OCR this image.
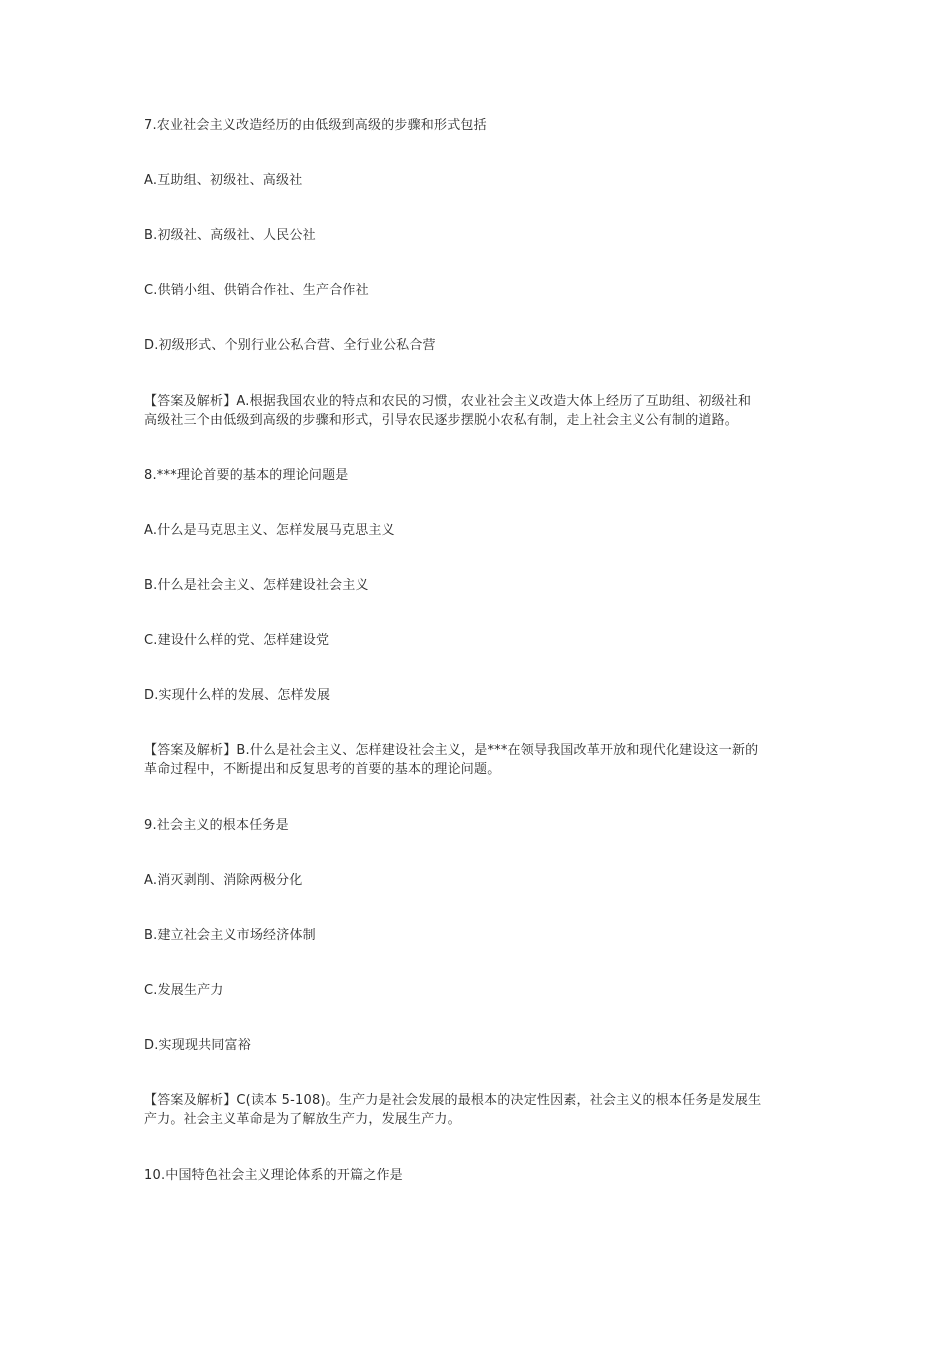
7.农业社会主义改造经历的由低级到高级的步骤和形式包括
A.互助组、初级社、高级社
B.初级社、高级社、人民公社
C.供销小组、供销合作社、生产合作社
D.初级形式、个别行业公私合营、全行业公私合营
【答案及解析】A.根据我国农业的特点和农民的习惯，农业社会主义改造大体上经历了互助组、初级社和
高级社三个由低级到高级的步骤和形式，引导农民逐步摆脱小农私有制，走上社会主义公有制的道路。
8.***理论首要的基本的理论问题是
A.什么是马克思主义、怎样发展马克思主义
B.什么是社会主义、怎样建设社会主义
C.建设什么样的党、怎样建设党
D.实现什么样的发展、怎样发展
【答案及解析】B.什么是社会主义、怎样建设社会主义，是***在领导我国改革开放和现代化建设这一新的
革命过程中，不断提出和反复思考的首要的基本的理论问题。
9.社会主义的根本任务是
A.消灭剥削、消除两极分化
B.建立社会主义市场经济体制
C.发展生产力
D.实现现共同富裕
【答案及解析】C(读本 5-108)。生产力是社会发展的最根本的决定性因素，社会主义的根本任务是发展生
产力。社会主义革命是为了解放生产力，发展生产力。
10.中国特色社会主义理论体系的开篇之作是
